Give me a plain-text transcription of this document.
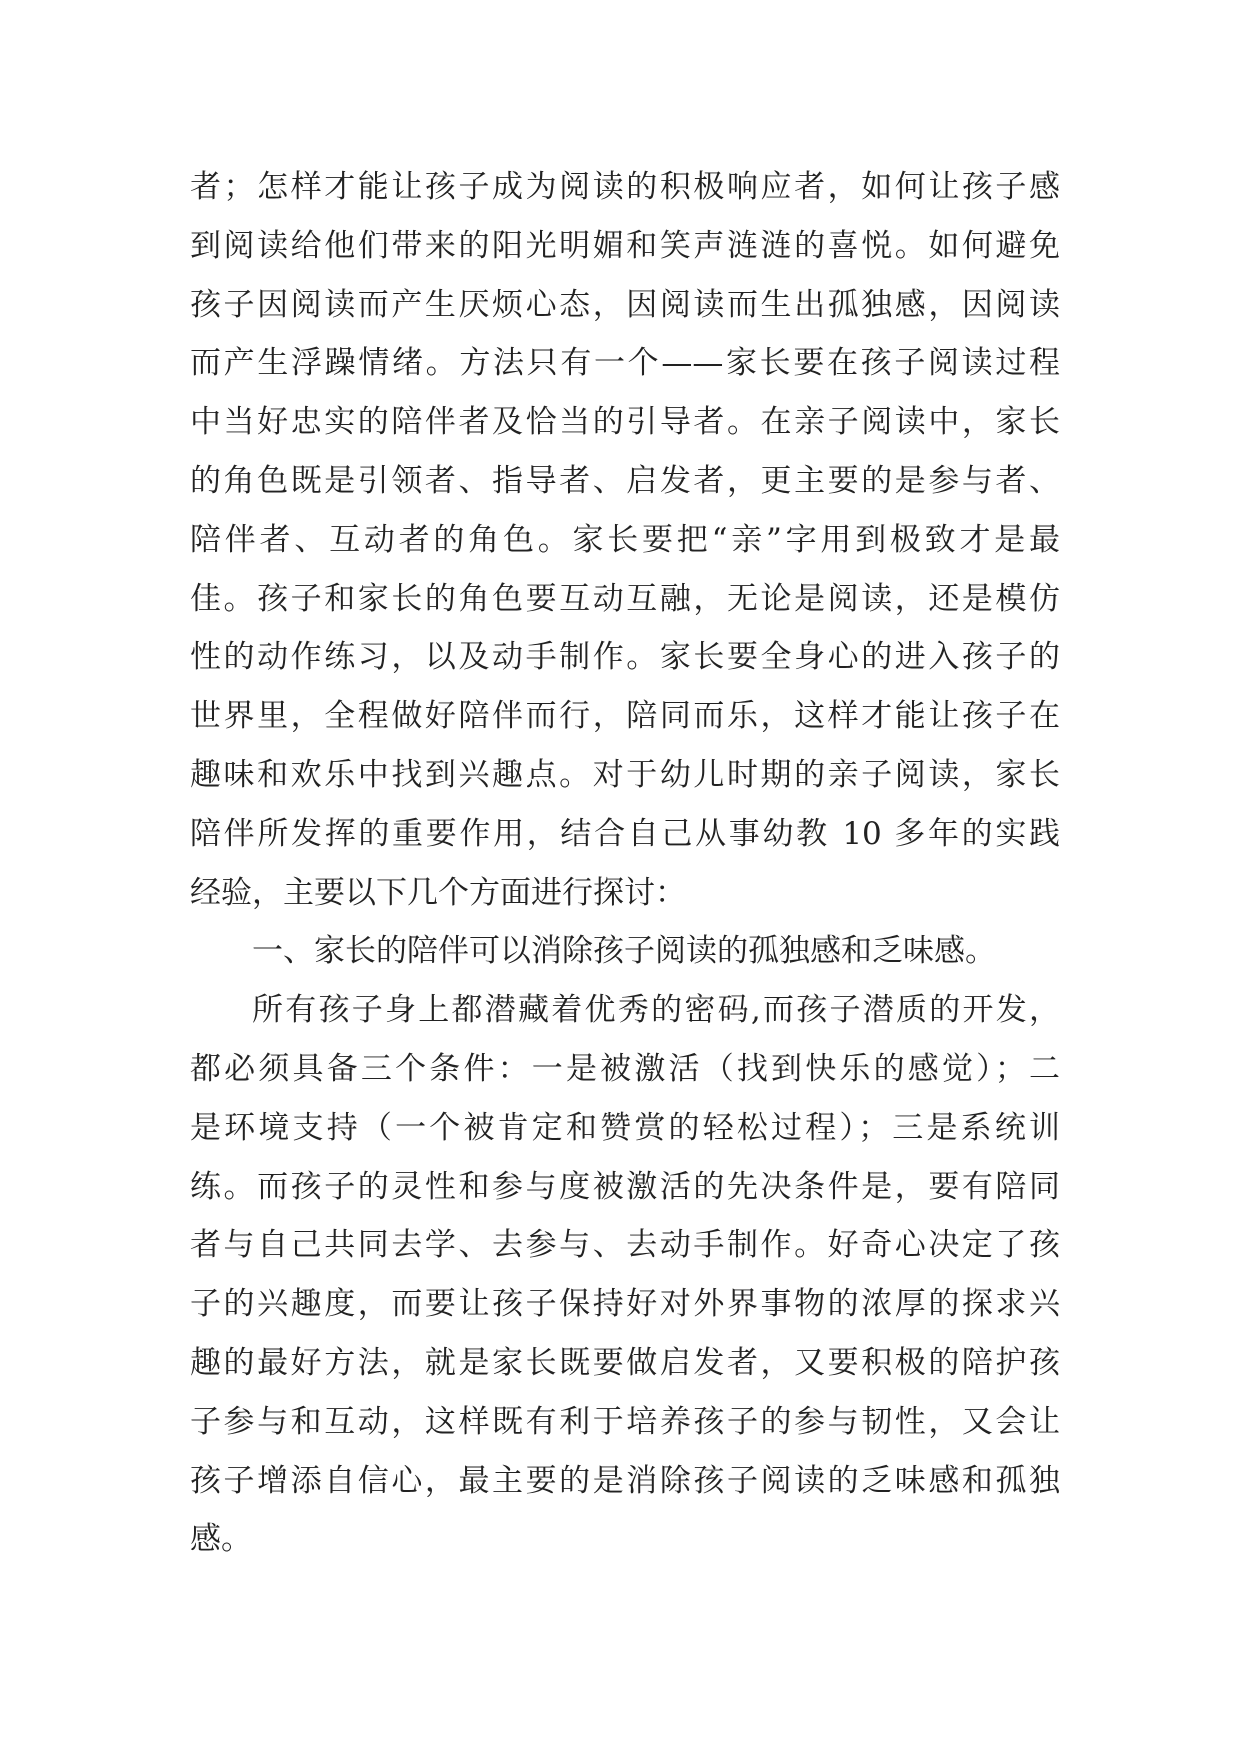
者；怎样才能让孩子成为阅读的积极响应者，如何让孩子感
到阅读给他们带来的阳光明媚和笑声涟涟的喜悦。如何避免
孩子因阅读而产生厌烦心态，因阅读而生出孤独感，因阅读
而产生浮躁情绪。方法只有一个——家长要在孩子阅读过程
中当好忠实的陪伴者及恰当的引导者。在亲子阅读中，家长
的角色既是引领者、指导者、启发者，更主要的是参与者、
陪伴者、互动者的角色。家长要把“亲”字用到极致才是最
佳。孩子和家长的角色要互动互融，无论是阅读，还是模仿
性的动作练习，以及动手制作。家长要全身心的进入孩子的
世界里，全程做好陪伴而行，陪同而乐，这样才能让孩子在
趣味和欢乐中找到兴趣点。对于幼儿时期的亲子阅读，家长
陪伴所发挥的重要作用，结合自己从事幼教 10 多年的实践
经验，主要以下几个方面进行探讨：
一、家长的陪伴可以消除孩子阅读的孤独感和乏味感。
所有孩子身上都潜藏着优秀的密码,而孩子潜质的开发，
都必须具备三个条件：一是被激活（找到快乐的感觉）；二
是环境支持（一个被肯定和赞赏的轻松过程）；三是系统训
练。而孩子的灵性和参与度被激活的先决条件是，要有陪同
者与自己共同去学、去参与、去动手制作。好奇心决定了孩
子的兴趣度，而要让孩子保持好对外界事物的浓厚的探求兴
趣的最好方法，就是家长既要做启发者，又要积极的陪护孩
子参与和互动，这样既有利于培养孩子的参与韧性，又会让
孩子增添自信心，最主要的是消除孩子阅读的乏味感和孤独
感。
